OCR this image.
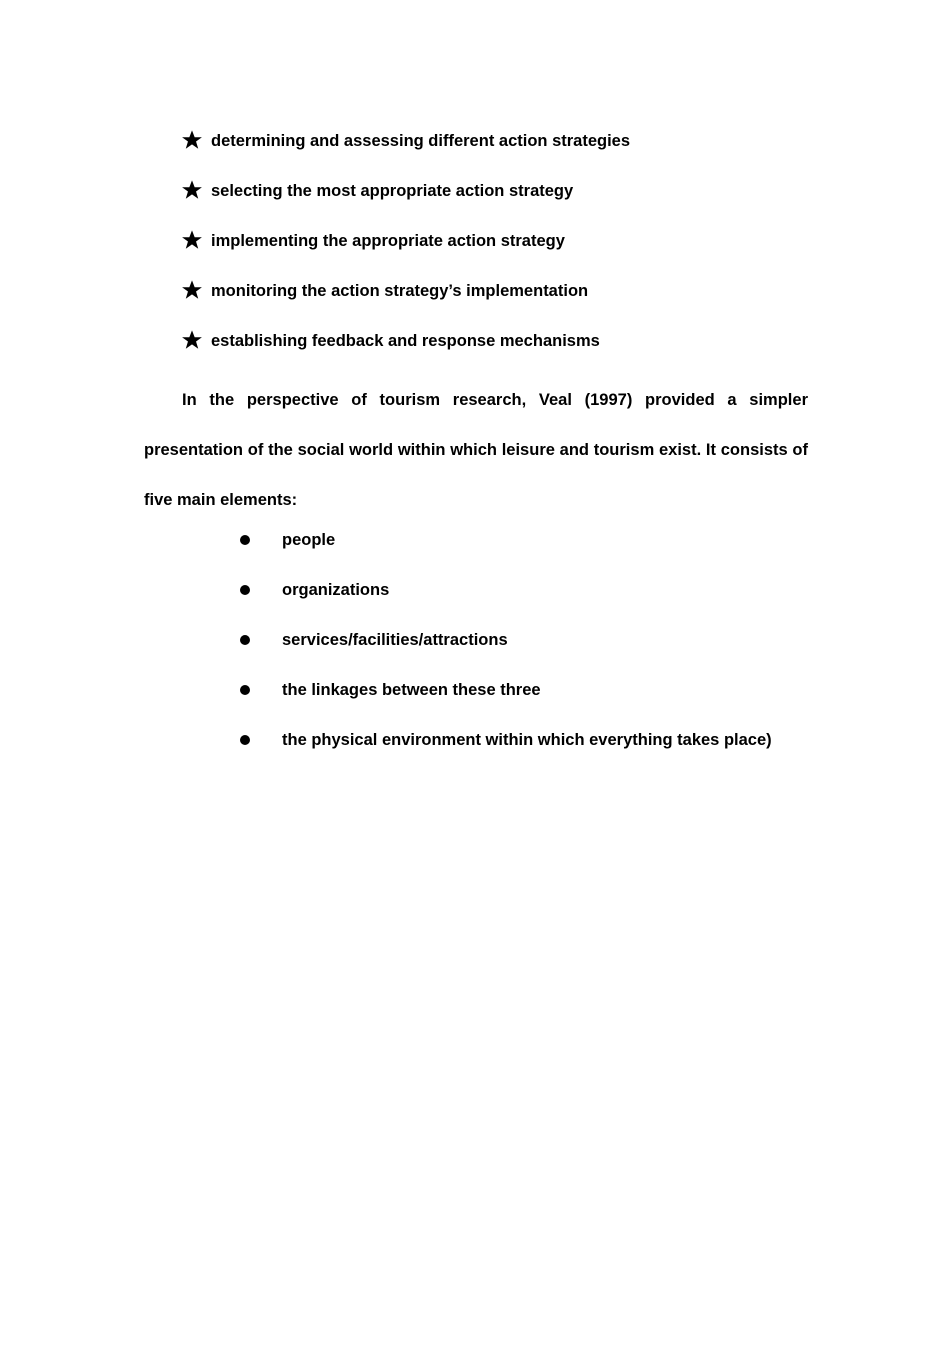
determining and assessing different action strategies
selecting the most appropriate action strategy
implementing the appropriate action strategy
monitoring the action strategy’s implementation
establishing feedback and response mechanisms

In the perspective of tourism research, Veal (1997) provided a simpler presentation of the social world within which leisure and tourism exist. It consists of five main elements:

people
organizations
services/facilities/attractions
the linkages between these three
the physical environment within which everything takes place)
